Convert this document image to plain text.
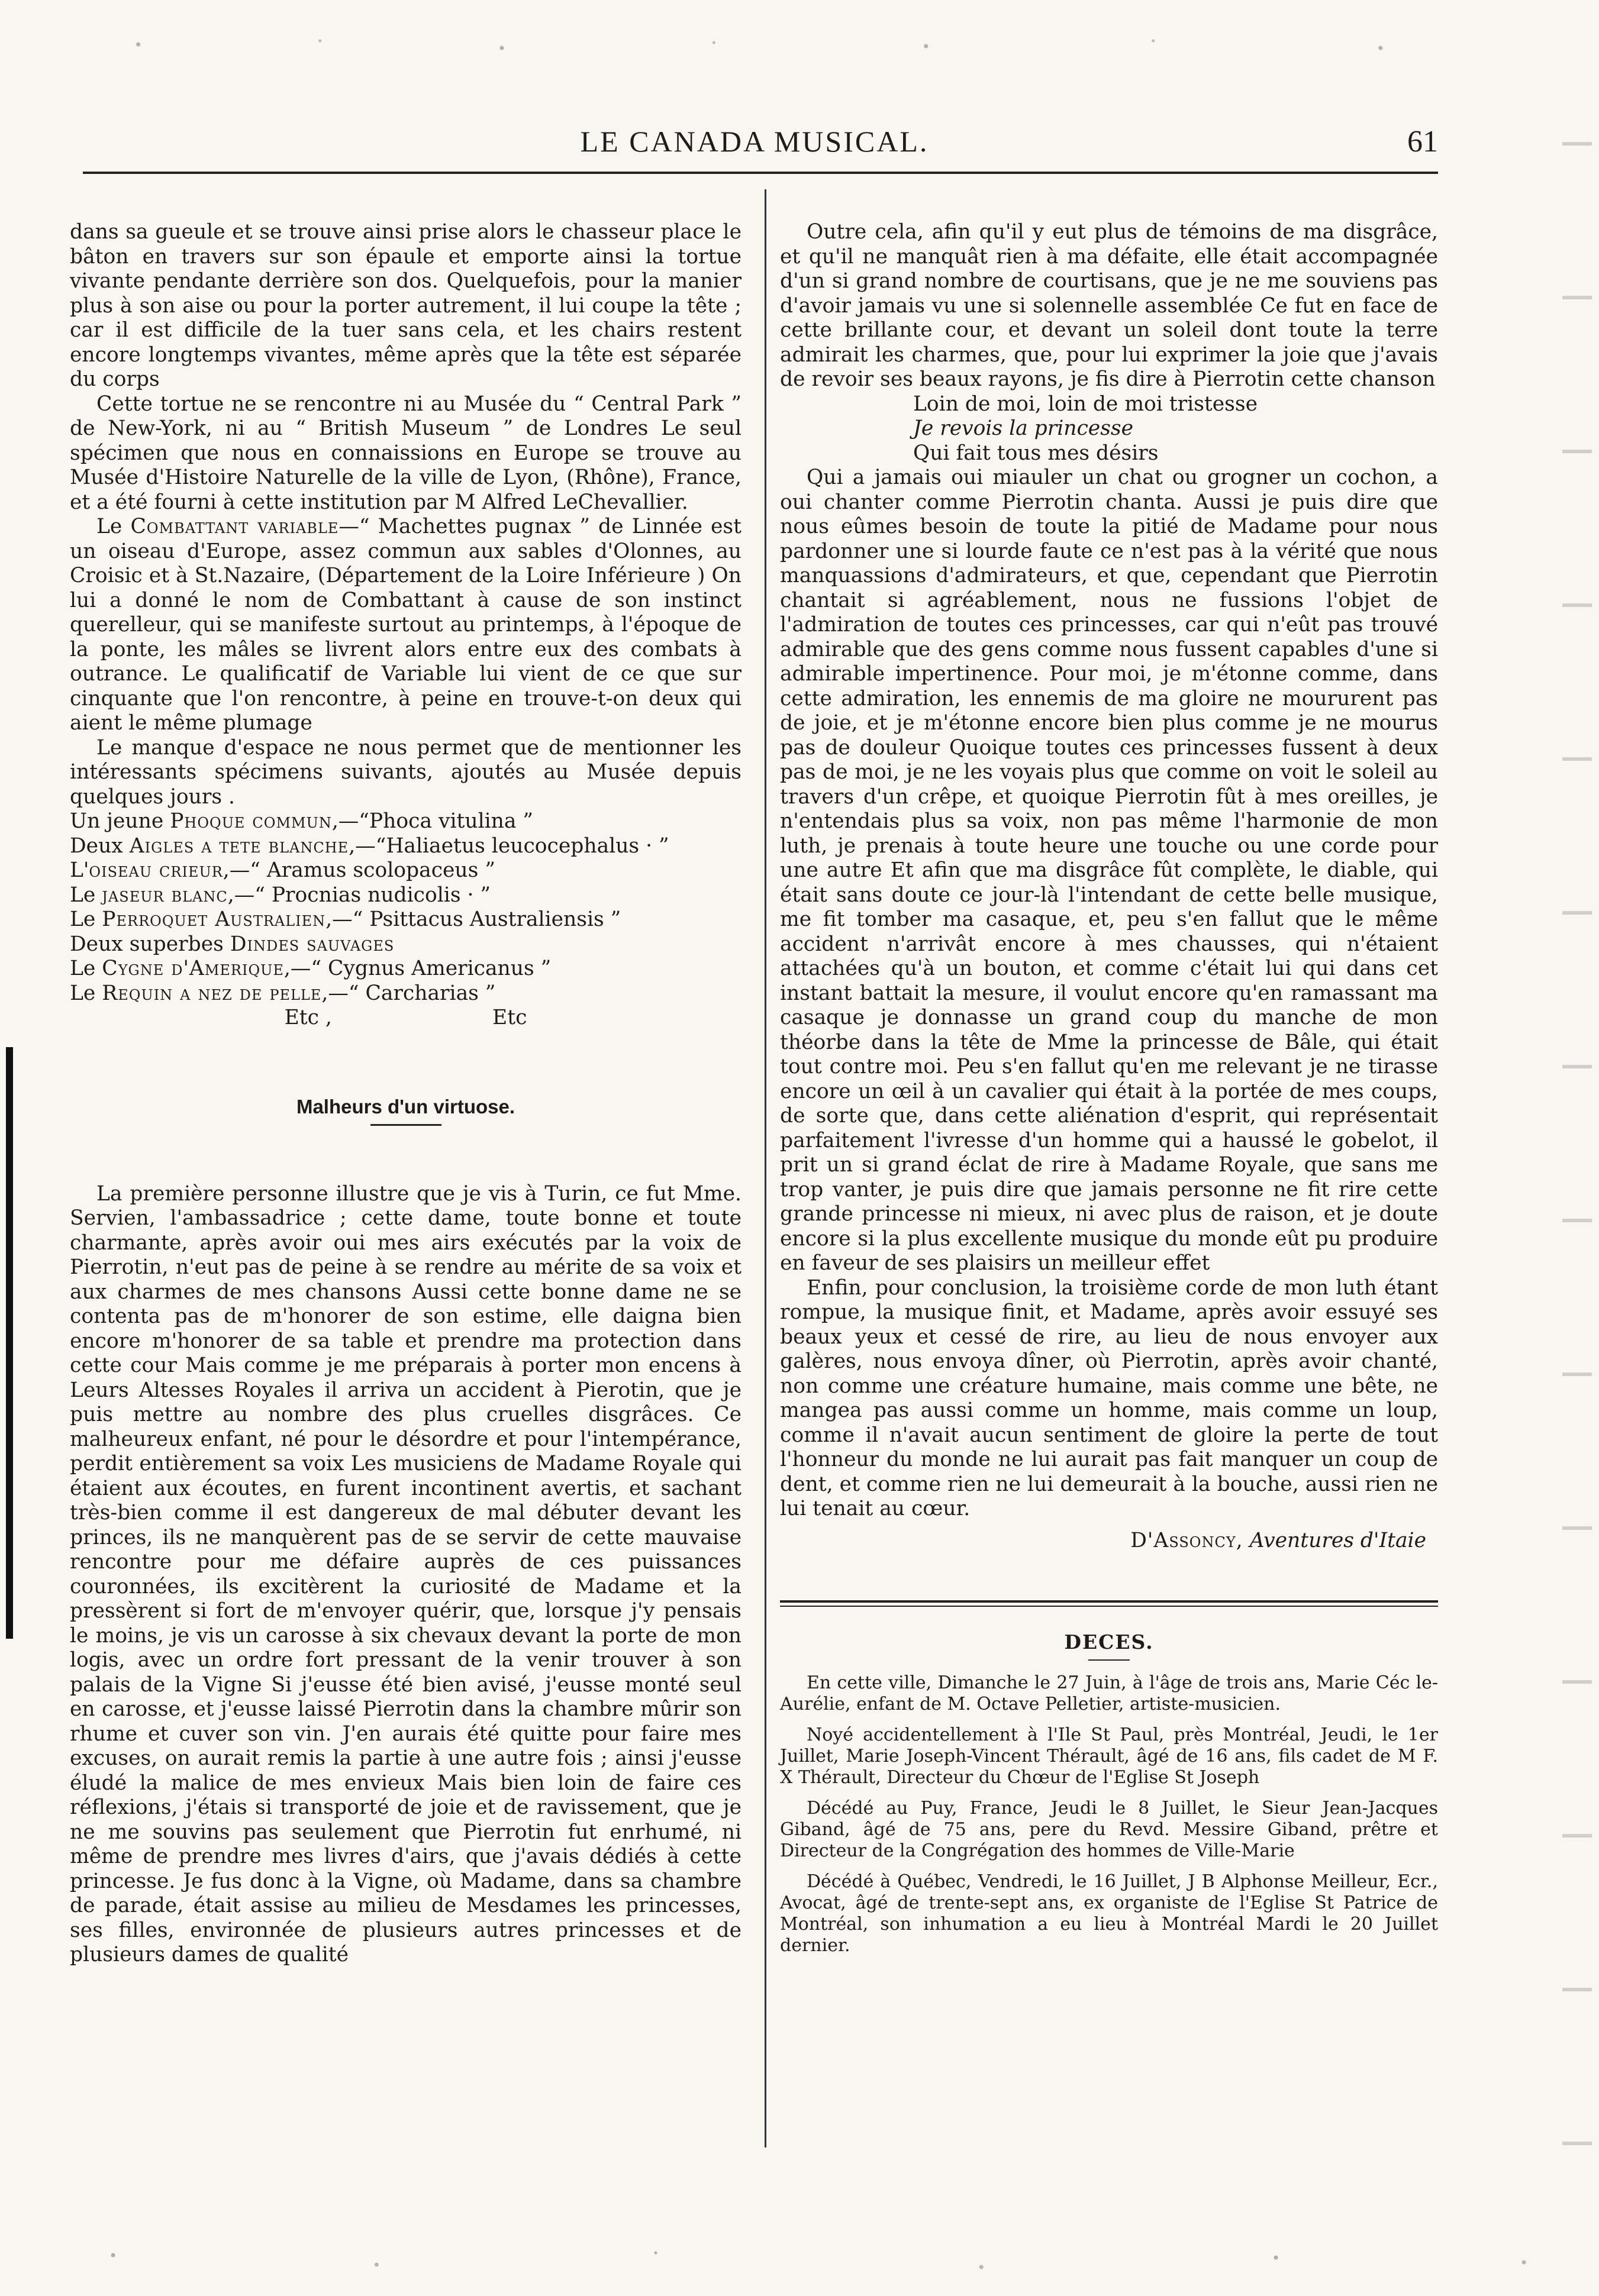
LE CANADA MUSICAL.	61

dans sa gueule et se trouve ainsi prise alors le chasseur place le bâton en travers sur son épaule et emporte ainsi la tortue vivante pendante derrière son dos. Quelquefois, pour la manier plus à son aise ou pour la porter autrement, il lui coupe la tête ; car il est difficile de la tuer sans cela, et les chairs restent encore longtemps vivantes, même après que la tête est séparée du corps

Cette tortue ne se rencontre ni au Musée du “ Central Park ” de New-York, ni au “ British Museum ” de Londres Le seul spécimen que nous en connaissions en Europe se trouve au Musée d'Histoire Naturelle de la ville de Lyon, (Rhône), France, et a été fourni à cette institution par M Alfred LeChevallier.

Le Combattant variable—“ Machettes pugnax ” de Linnée est un oiseau d'Europe, assez commun aux sables d'Olonnes, au Croisic et à St.Nazaire, (Département de la Loire Inférieure ) On lui a donné le nom de Combattant à cause de son instinct querelleur, qui se manifeste surtout au printemps, à l'époque de la ponte, les mâles se livrent alors entre eux des combats à outrance. Le qualificatif de Variable lui vient de ce que sur cinquante que l'on rencontre, à peine en trouve-t-on deux qui aient le même plumage

Le manque d'espace ne nous permet que de mentionner les intéressants spécimens suivants, ajoutés au Musée depuis quelques jours .

Un jeune Phoque commun,—“Phoca vitulina ”

Deux Aigles a tete blanche,—“Haliaetus leucocephalus · ”

L'oiseau crieur,—“ Aramus scolopaceus ”

Le jaseur blanc,—“ Procnias nudicolis · ”

Le Perroquet Australien,—“ Psittacus Australiensis ”

Deux superbes Dindes sauvages

Le Cygne d'Amerique,—“ Cygnus Americanus ”

Le Requin a nez de pelle,—“ Carcharias ”

Etc ,	Etc

Malheurs d'un virtuose.

La première personne illustre que je vis à Turin, ce fut Mme. Servien, l'ambassadrice ; cette dame, toute bonne et toute charmante, après avoir oui mes airs exécutés par la voix de Pierrotin, n'eut pas de peine à se rendre au mérite de sa voix et aux charmes de mes chansons Aussi cette bonne dame ne se contenta pas de m'honorer de son estime, elle daigna bien encore m'honorer de sa table et prendre ma protection dans cette cour Mais comme je me préparais à porter mon encens à Leurs Altesses Royales il arriva un accident à Pierotin, que je puis mettre au nombre des plus cruelles disgrâces. Ce malheureux enfant, né pour le désordre et pour l'intempérance, perdit entièrement sa voix Les musiciens de Madame Royale qui étaient aux écoutes, en furent incontinent avertis, et sachant très-bien comme il est dangereux de mal débuter devant les princes, ils ne manquèrent pas de se servir de cette mauvaise rencontre pour me défaire auprès de ces puissances couronnées, ils excitèrent la curiosité de Madame et la pressèrent si fort de m'envoyer quérir, que, lorsque j'y pensais le moins, je vis un carosse à six chevaux devant la porte de mon logis, avec un ordre fort pressant de la venir trouver à son palais de la Vigne Si j'eusse été bien avisé, j'eusse monté seul en carosse, et j'eusse laissé Pierrotin dans la chambre mûrir son rhume et cuver son vin. J'en aurais été quitte pour faire mes excuses, on aurait remis la partie à une autre fois ; ainsi j'eusse éludé la malice de mes envieux Mais bien loin de faire ces réflexions, j'étais si transporté de joie et de ravissement, que je ne me souvins pas seulement que Pierrotin fut enrhumé, ni même de prendre mes livres d'airs, que j'avais dédiés à cette princesse. Je fus donc à la Vigne, où Madame, dans sa chambre de parade, était assise au milieu de Mesdames les princesses, ses filles, environnée de plusieurs autres princesses et de plusieurs dames de qualité

Outre cela, afin qu'il y eut plus de témoins de ma disgrâce, et qu'il ne manquât rien à ma défaite, elle était accompagnée d'un si grand nombre de courtisans, que je ne me souviens pas d'avoir jamais vu une si solennelle assemblée Ce fut en face de cette brillante cour, et devant un soleil dont toute la terre admirait les charmes, que, pour lui exprimer la joie que j'avais de revoir ses beaux rayons, je fis dire à Pierrotin cette chanson

Loin de moi, loin de moi tristesse

Je revois la princesse

Qui fait tous mes désirs

Qui a jamais oui miauler un chat ou grogner un cochon, a oui chanter comme Pierrotin chanta. Aussi je puis dire que nous eûmes besoin de toute la pitié de Madame pour nous pardonner une si lourde faute ce n'est pas à la vérité que nous manquassions d'admirateurs, et que, cependant que Pierrotin chantait si agréablement, nous ne fussions l'objet de l'admiration de toutes ces princesses, car qui n'eût pas trouvé admirable que des gens comme nous fussent capables d'une si admirable impertinence. Pour moi, je m'étonne comme, dans cette admiration, les ennemis de ma gloire ne moururent pas de joie, et je m'étonne encore bien plus comme je ne mourus pas de douleur Quoique toutes ces princesses fussent à deux pas de moi, je ne les voyais plus que comme on voit le soleil au travers d'un crêpe, et quoique Pierrotin fût à mes oreilles, je n'entendais plus sa voix, non pas même l'harmonie de mon luth, je prenais à toute heure une touche ou une corde pour une autre Et afin que ma disgrâce fût complète, le diable, qui était sans doute ce jour-là l'intendant de cette belle musique, me fit tomber ma casaque, et, peu s'en fallut que le même accident n'arrivât encore à mes chausses, qui n'étaient attachées qu'à un bouton, et comme c'était lui qui dans cet instant battait la mesure, il voulut encore qu'en ramassant ma casaque je donnasse un grand coup du manche de mon théorbe dans la tête de Mme la princesse de Bâle, qui était tout contre moi. Peu s'en fallut qu'en me relevant je ne tirasse encore un œil à un cavalier qui était à la portée de mes coups, de sorte que, dans cette aliénation d'esprit, qui représentait parfaitement l'ivresse d'un homme qui a haussé le gobelot, il prit un si grand éclat de rire à Madame Royale, que sans me trop vanter, je puis dire que jamais personne ne fit rire cette grande princesse ni mieux, ni avec plus de raison, et je doute encore si la plus excellente musique du monde eût pu produire en faveur de ses plaisirs un meilleur effet

Enfin, pour conclusion, la troisième corde de mon luth étant rompue, la musique finit, et Madame, après avoir essuyé ses beaux yeux et cessé de rire, au lieu de nous envoyer aux galères, nous envoya dîner, où Pierrotin, après avoir chanté, non comme une créature humaine, mais comme une bête, ne mangea pas aussi comme un homme, mais comme un loup, comme il n'avait aucun sentiment de gloire la perte de tout l'honneur du monde ne lui aurait pas fait manquer un coup de dent, et comme rien ne lui demeurait à la bouche, aussi rien ne lui tenait au cœur.

D'Assoncy, Aventures d'Itaie

DECES.

En cette ville, Dimanche le 27 Juin, à l'âge de trois ans, Marie Céc le-Aurélie, enfant de M. Octave Pelletier, artiste-musicien.

Noyé accidentellement à l'Ile St Paul, près Montréal, Jeudi, le 1er Juillet, Marie Joseph-Vincent Thérault, âgé de 16 ans, fils cadet de M F. X Thérault, Directeur du Chœur de l'Eglise St Joseph

Décédé au Puy, France, Jeudi le 8 Juillet, le Sieur Jean-Jacques Giband, âgé de 75 ans, pere du Revd. Messire Giband, prêtre et Directeur de la Congrégation des hommes de Ville-Marie

Décédé à Québec, Vendredi, le 16 Juillet, J B Alphonse Meilleur, Ecr., Avocat, âgé de trente-sept ans, ex organiste de l'Eglise St Patrice de Montréal, son inhumation a eu lieu à Montréal Mardi le 20 Juillet dernier.
